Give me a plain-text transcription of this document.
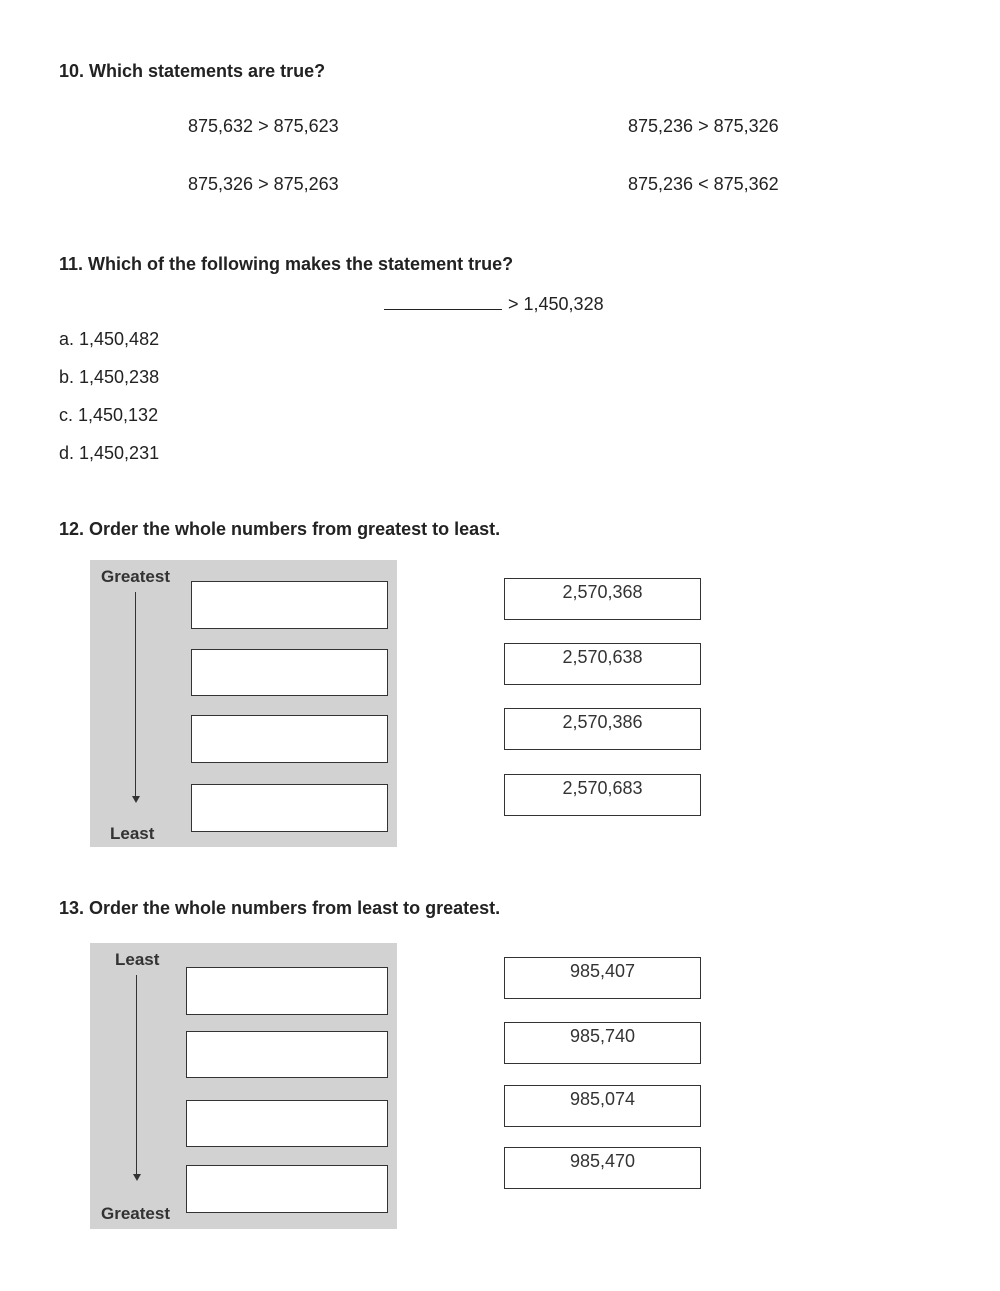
10. Which statements are true?
875,632 > 875,623	875,236 > 875,326
875,326 > 875,263	875,236 < 875,362
11. Which of the following makes the statement true?
> 1,450,328
a. 1,450,482
b. 1,450,238
c. 1,450,132
d. 1,450,231
12. Order the whole numbers from greatest to least.
Greatest
Least
2,570,368
2,570,638
2,570,386
2,570,683
13. Order the whole numbers from least to greatest.
Least
Greatest
985,407
985,740
985,074
985,470
